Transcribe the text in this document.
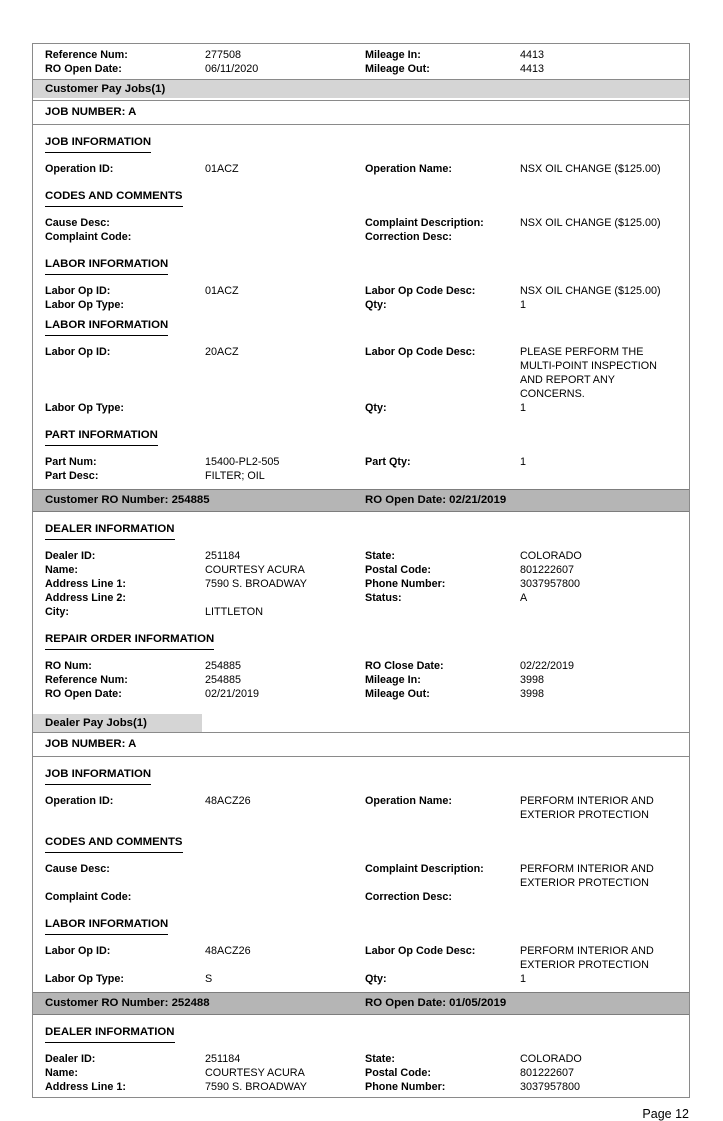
Reference Num:	277508	Mileage In:	4413
RO Open Date:	06/11/2020	Mileage Out:	4413
Customer Pay Jobs(1)
JOB NUMBER: A
JOB INFORMATION
Operation ID:	01ACZ	Operation Name:	NSX OIL CHANGE ($125.00)
CODES AND COMMENTS
Cause Desc:	Complaint Description:	NSX OIL CHANGE ($125.00)
Complaint Code:	Correction Desc:
LABOR INFORMATION
Labor Op ID:	01ACZ	Labor Op Code Desc:	NSX OIL CHANGE ($125.00)
Labor Op Type:	Qty:	1
LABOR INFORMATION
Labor Op ID:	20ACZ	Labor Op Code Desc:	PLEASE PERFORM THE MULTI-POINT INSPECTION AND REPORT ANY CONCERNS.
Labor Op Type:	Qty:	1
PART INFORMATION
Part Num:	15400-PL2-505	Part Qty:	1
Part Desc:	FILTER; OIL
Customer RO Number: 254885	RO Open Date: 02/21/2019
DEALER INFORMATION
Dealer ID:	251184	State:	COLORADO
Name:	COURTESY ACURA	Postal Code:	801222607
Address Line 1:	7590 S. BROADWAY	Phone Number:	3037957800
Address Line 2:	Status:	A
City:	LITTLETON
REPAIR ORDER INFORMATION
RO Num:	254885	RO Close Date:	02/22/2019
Reference Num:	254885	Mileage In:	3998
RO Open Date:	02/21/2019	Mileage Out:	3998
Dealer Pay Jobs(1)
JOB NUMBER: A
JOB INFORMATION
Operation ID:	48ACZ26	Operation Name:	PERFORM INTERIOR AND EXTERIOR PROTECTION
CODES AND COMMENTS
Cause Desc:	Complaint Description:	PERFORM INTERIOR AND EXTERIOR PROTECTION
Complaint Code:	Correction Desc:
LABOR INFORMATION
Labor Op ID:	48ACZ26	Labor Op Code Desc:	PERFORM INTERIOR AND EXTERIOR PROTECTION
Labor Op Type:	S	Qty:	1
Customer RO Number: 252488	RO Open Date: 01/05/2019
DEALER INFORMATION
Dealer ID:	251184	State:	COLORADO
Name:	COURTESY ACURA	Postal Code:	801222607
Address Line 1:	7590 S. BROADWAY	Phone Number:	3037957800
Page 12
